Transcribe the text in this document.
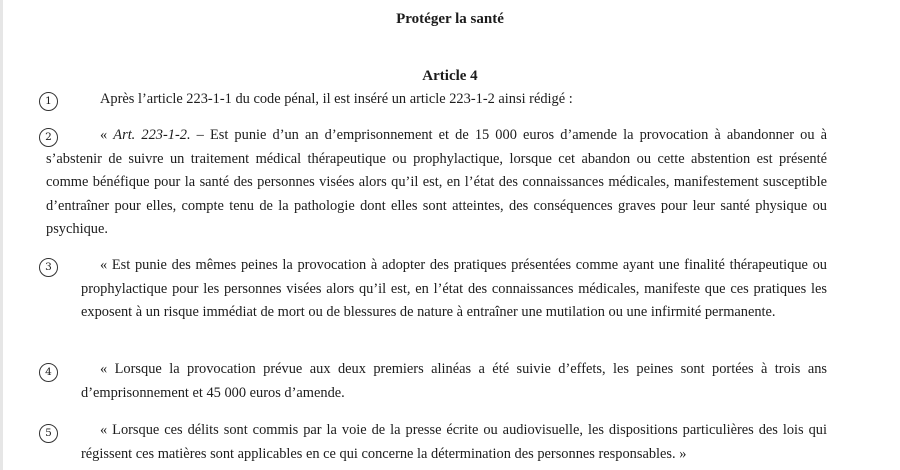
Protéger la santé
Article 4
1	Après l’article 223-1-1 du code pénal, il est inséré un article 223-1-2 ainsi rédigé :
2	« Art. 223-1-2. – Est punie d’un an d’emprisonnement et de 15 000 euros d’amende la provocation à abandonner ou à s’abstenir de suivre un traitement médical thérapeutique ou prophylactique, lorsque cet abandon ou cette abstention est présenté comme bénéfique pour la santé des personnes visées alors qu’il est, en l’état des connaissances médicales, manifestement susceptible d’entraîner pour elles, compte tenu de la pathologie dont elles sont atteintes, des conséquences graves pour leur santé physique ou psychique.
3	« Est punie des mêmes peines la provocation à adopter des pratiques présentées comme ayant une finalité thérapeutique ou prophylactique pour les personnes visées alors qu’il est, en l’état des connaissances médicales, manifeste que ces pratiques les exposent à un risque immédiat de mort ou de blessures de nature à entraîner une mutilation ou une infirmité permanente.
4	« Lorsque la provocation prévue aux deux premiers alinéas a été suivie d’effets, les peines sont portées à trois ans d’emprisonnement et 45 000 euros d’amende.
5	« Lorsque ces délits sont commis par la voie de la presse écrite ou audiovisuelle, les dispositions particulières des lois qui régissent ces matières sont applicables en ce qui concerne la détermination des personnes responsables. »
